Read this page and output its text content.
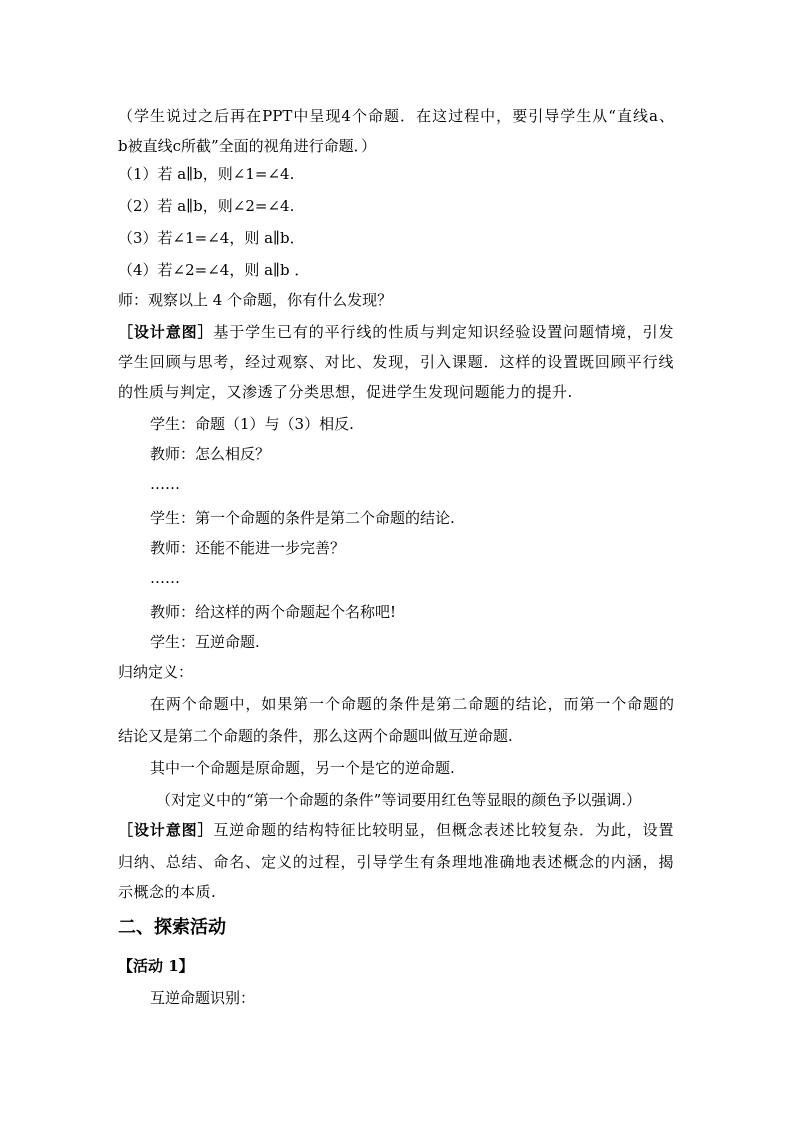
（学生说过之后再在PPT中呈现4个命题．在这过程中，要引导学生从“直线a、
b被直线c所截”全面的视角进行命题．）
（1）若 a∥b，则∠1=∠4.
（2）若 a∥b，则∠2=∠4.
（3）若∠1=∠4，则 a∥b．
（4）若∠2=∠4，则 a∥b ．
师：观察以上 4 个命题，你有什么发现？
［设计意图］基于学生已有的平行线的性质与判定知识经验设置问题情境，引发
学生回顾与思考，经过观察、对比、发现，引入课题．这样的设置既回顾平行线
的性质与判定，又渗透了分类思想，促进学生发现问题能力的提升.
学生：命题（1）与（3）相反.
教师：怎么相反？
……
学生：第一个命题的条件是第二个命题的结论.
教师：还能不能进一步完善？
……
教师：给这样的两个命题起个名称吧!
学生：互逆命题.
归纳定义：
在两个命题中，如果第一个命题的条件是第二命题的结论，而第一个命题的
结论又是第二个命题的条件，那么这两个命题叫做互逆命题.
其中一个命题是原命题，另一个是它的逆命题.
（对定义中的“第一个命题的条件”等词要用红色等显眼的颜色予以强调.）
［设计意图］互逆命题的结构特征比较明显，但概念表述比较复杂．为此，设置
归纳、总结、命名、定义的过程，引导学生有条理地准确地表述概念的内涵，揭
示概念的本质.
二、探索活动
【活动 1】
互逆命题识别：
